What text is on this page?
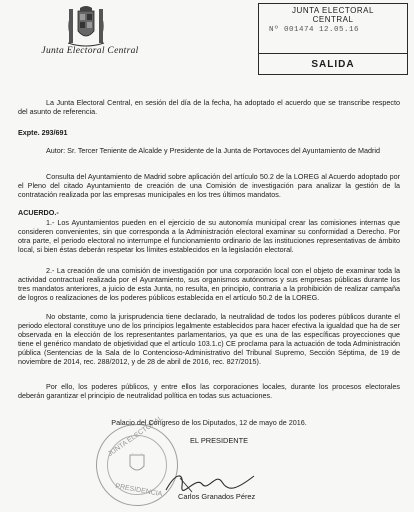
Junta Electoral Central
JUNTA ELECTORAL
CENTRAL
Nº 001474 12.05.16
SALIDA
La Junta Electoral Central, en sesión del día de la fecha, ha adoptado el acuerdo que se transcribe respecto del asunto de referencia.
Expte. 293/691
Autor: Sr. Tercer Teniente de Alcalde y Presidente de la Junta de Portavoces del Ayuntamiento de Madrid
Consulta del Ayuntamiento de Madrid sobre aplicación del artículo 50.2 de la LOREG al Acuerdo adoptado por el Pleno del citado Ayuntamiento de creación de una Comisión de investigación para analizar la gestión de la contratación realizada por las empresas municipales en los tres últimos mandatos.
ACUERDO.-
1.- Los Ayuntamientos pueden en el ejercicio de su autonomía municipal crear las comisiones internas que consideren convenientes, sin que corresponda a la Administración electoral examinar su conformidad a Derecho. Por otra parte, el periodo electoral no interrumpe el funcionamiento ordinario de las instituciones representativas de ámbito local, si bien éstas deberán respetar los límites establecidos en la legislación electoral.
2.- La creación de una comisión de investigación por una corporación local con el objeto de examinar toda la actividad contractual realizada por el Ayuntamiento, sus organismos autónomos y sus empresas públicas durante los tres mandatos anteriores, a juicio de esta Junta, no resulta, en principio, contraria a la prohibición de realizar campaña de logros o realizaciones de los poderes públicos establecida en el artículo 50.2 de la LOREG.
No obstante, como la jurisprudencia tiene declarado, la neutralidad de todos los poderes públicos durante el periodo electoral constituye uno de los principios legalmente establecidos para hacer efectiva la igualdad que ha de ser observada en la elección de los representantes parlamentarios, ya que es una de las específicas proyecciones que tiene el genérico mandato de objetividad que el artículo 103.1.c) CE proclama para la actuación de toda Administración pública (Sentencias de la Sala de lo Contencioso-Administrativo del Tribunal Supremo, Sección Séptima, de 19 de noviembre de 2014, rec. 288/2012, y de 28 de abril de 2016, rec. 827/2015).
Por ello, los poderes públicos, y entre ellos las corporaciones locales, durante los procesos electorales deberán garantizar el principio de neutralidad política en todas sus actuaciones.
Palacio del Congreso de los Diputados, 12 de mayo de 2016.
JUNTA ELECTORAL
PRESIDENCIA
EL PRESIDENTE
Carlos Granados Pérez
